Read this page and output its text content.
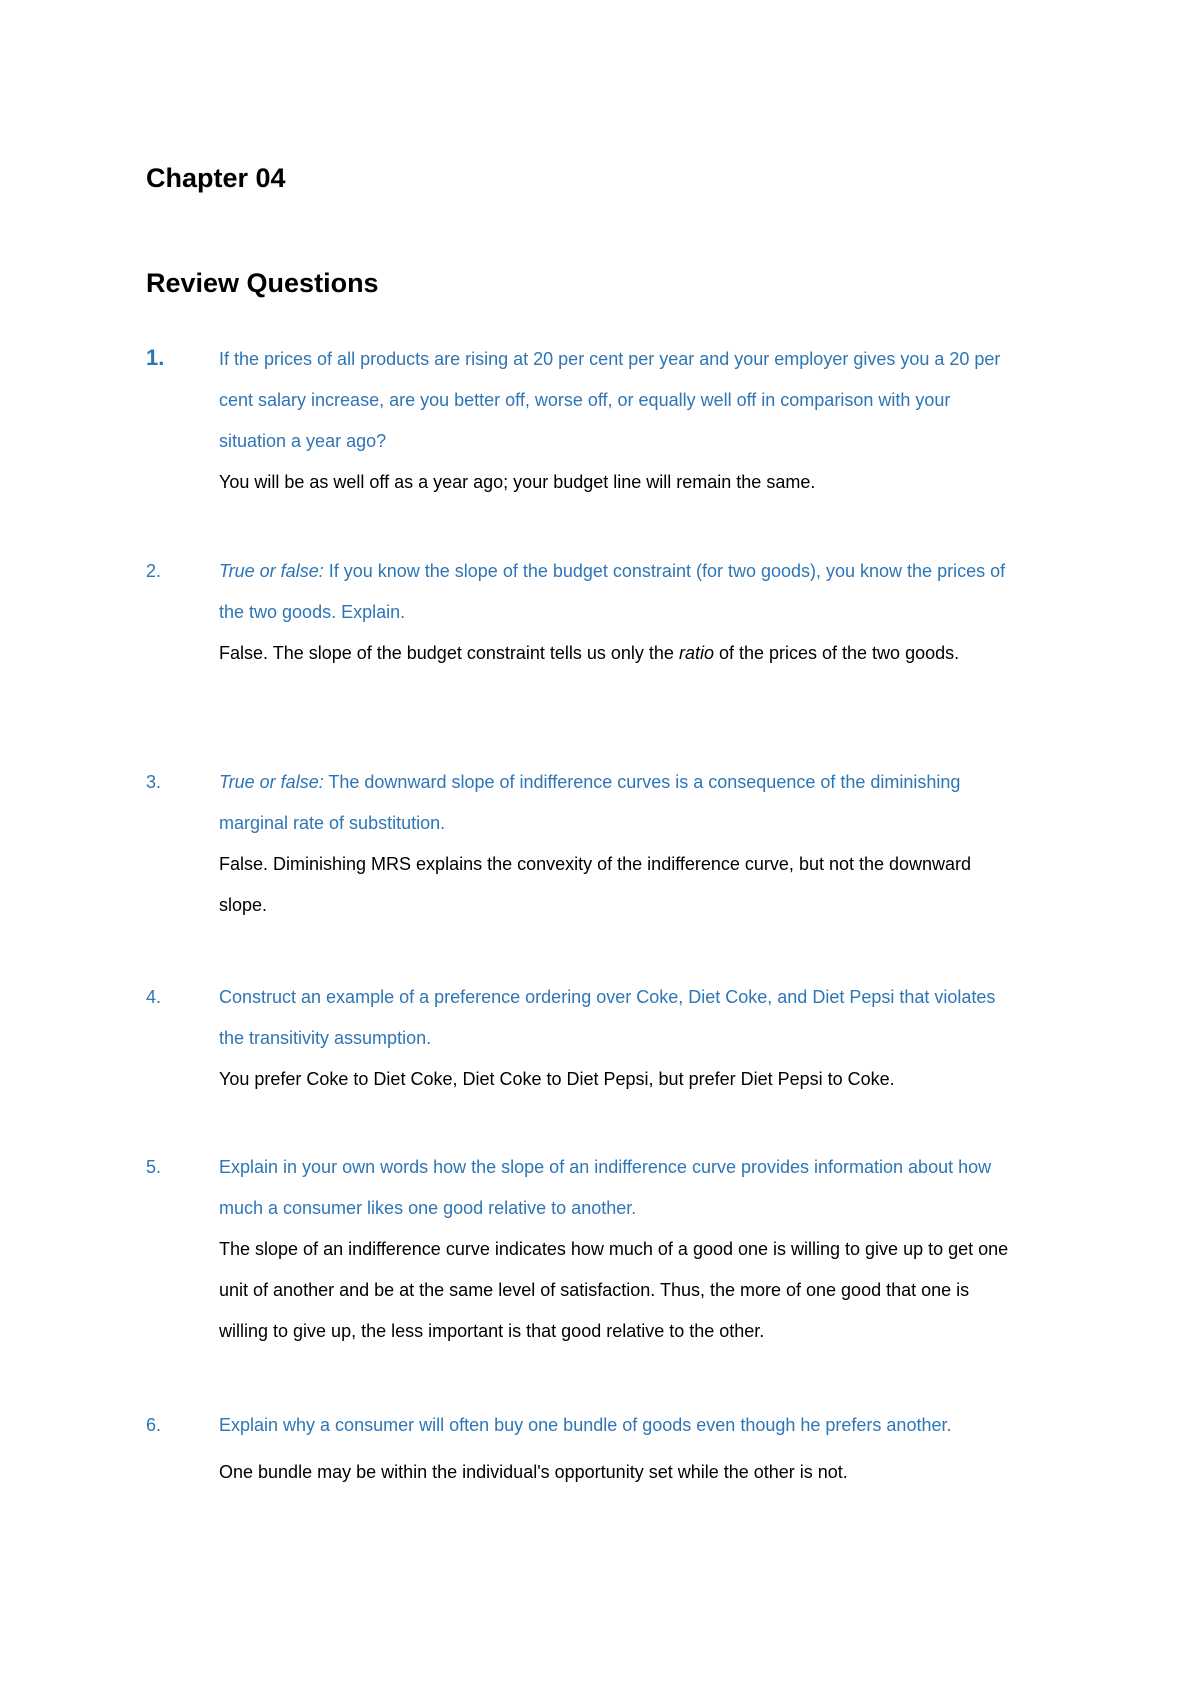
Chapter 04
Review Questions
1.	If the prices of all products are rising at 20 per cent per year and your employer gives you a 20 per cent salary increase, are you better off, worse off, or equally well off in comparison with your situation a year ago?

You will be as well off as a year ago; your budget line will remain the same.

2.	True or false: If you know the slope of the budget constraint (for two goods), you know the prices of the two goods. Explain.

False. The slope of the budget constraint tells us only the ratio of the prices of the two goods.

3.	True or false: The downward slope of indifference curves is a consequence of the diminishing marginal rate of substitution.

False. Diminishing MRS explains the convexity of the indifference curve, but not the downward slope.

4.	Construct an example of a preference ordering over Coke, Diet Coke, and Diet Pepsi that violates the transitivity assumption.

You prefer Coke to Diet Coke, Diet Coke to Diet Pepsi, but prefer Diet Pepsi to Coke.

5.	Explain in your own words how the slope of an indifference curve provides information about how much a consumer likes one good relative to another.

The slope of an indifference curve indicates how much of a good one is willing to give up to get one unit of another and be at the same level of satisfaction. Thus, the more of one good that one is willing to give up, the less important is that good relative to the other.

6.	Explain why a consumer will often buy one bundle of goods even though he prefers another.

One bundle may be within the individual's opportunity set while the other is not.
